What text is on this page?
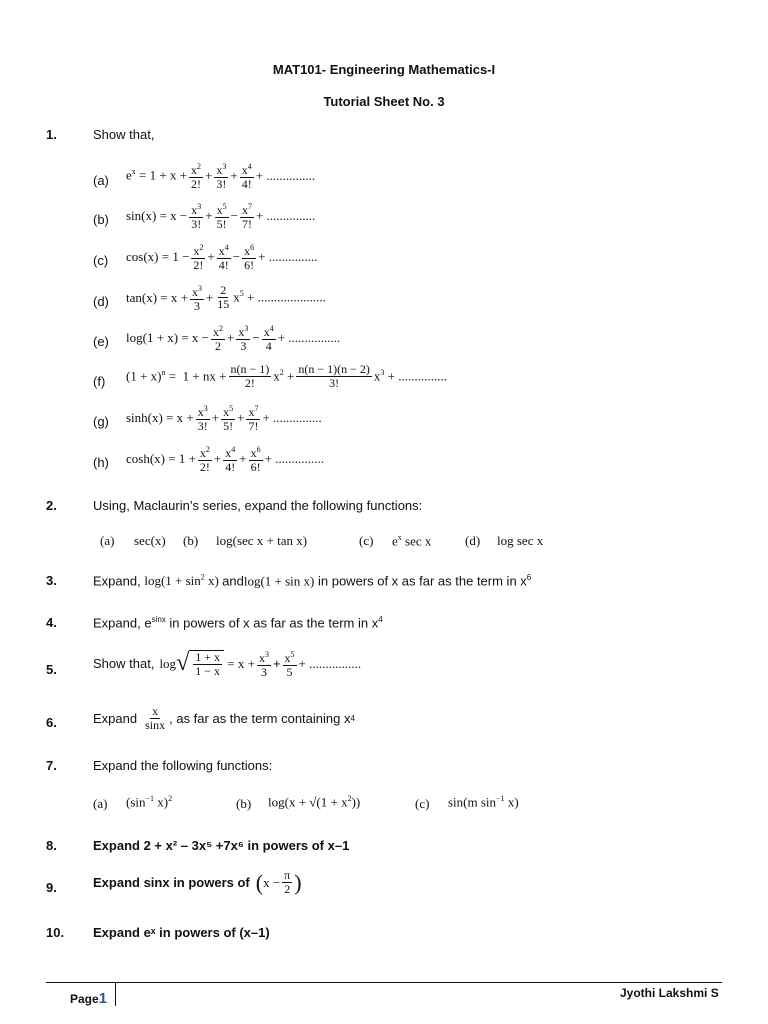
MAT101- Engineering Mathematics-I
Tutorial Sheet No. 3
1.	Show that,
(a) $e^x = 1 + x + \frac{x^2}{2!} + \frac{x^3}{3!} + \frac{x^4}{4!}$ + ...............
(b) $\sin(x) = x - \frac{x^3}{3!} + \frac{x^5}{5!} - \frac{x^7}{7!}$ + ...............
(c) $\cos(x) = 1 - \frac{x^2}{2!} + \frac{x^4}{4!} - \frac{x^6}{6!}$ + ...............
(d) $\tan(x) = x + \frac{x^3}{3} + \frac{2}{15} x^5$ + .....................
(e) $\log(1 + x) = x - \frac{x^2}{2} + \frac{x^3}{3} - \frac{x^4}{4}$ + ................
(f) $(1 + x)^n = 1$ + nx + $\frac{n(n - 1)}{2!} x^2 + \frac{n(n - 1)(n - 2)}{3!} x^3$ + ...............
(g) $\sinh(x) = x + \frac{x^3}{3!} + \frac{x^5}{5!} + \frac{x^7}{7!}$ + ...............
(h) $\cosh(x) = 1 + \frac{x^2}{2!} + \frac{x^4}{4!} + \frac{x^6}{6!}$ + ...............
2.	Using, Maclaurin’s series, expand the following functions:
(a) sec(x) (b) log(sec x + tan x)	(c) $e^x$ sec x	(d) log sec x
3.	Expand, $\log(1 + \sin^2 x)$ andlog(1 + sin x) in powers of x as far as the term in $x^6$
4.	Expand, $e^{sinx}$ in powers of x as far as the term in $x^4$
5.	Show that, log √ $\frac{1 + x}{1 - x} = x + \frac{x^3}{3} + \frac{x^5}{5}$ + ................
6.	Expand $\frac{x}{\sin x}$ , as far as the term containing x 4
7.	Expand the following functions:
(a) ($\sin^{-1}$ x)$^2$	(b) $\log(x + √(1 + x^2))$	(c) sin(m $\sin^{-1} x$)
8.	Expand 2 + x² – 3x⁵ +7x⁶ in powers of x–1
9.	Expand sinx in powers of ( $x - \frac{\pi}{2}$ )
10. Expand eˣ in powers of (x–1)
Page1	Jyothi Lakshmi S
